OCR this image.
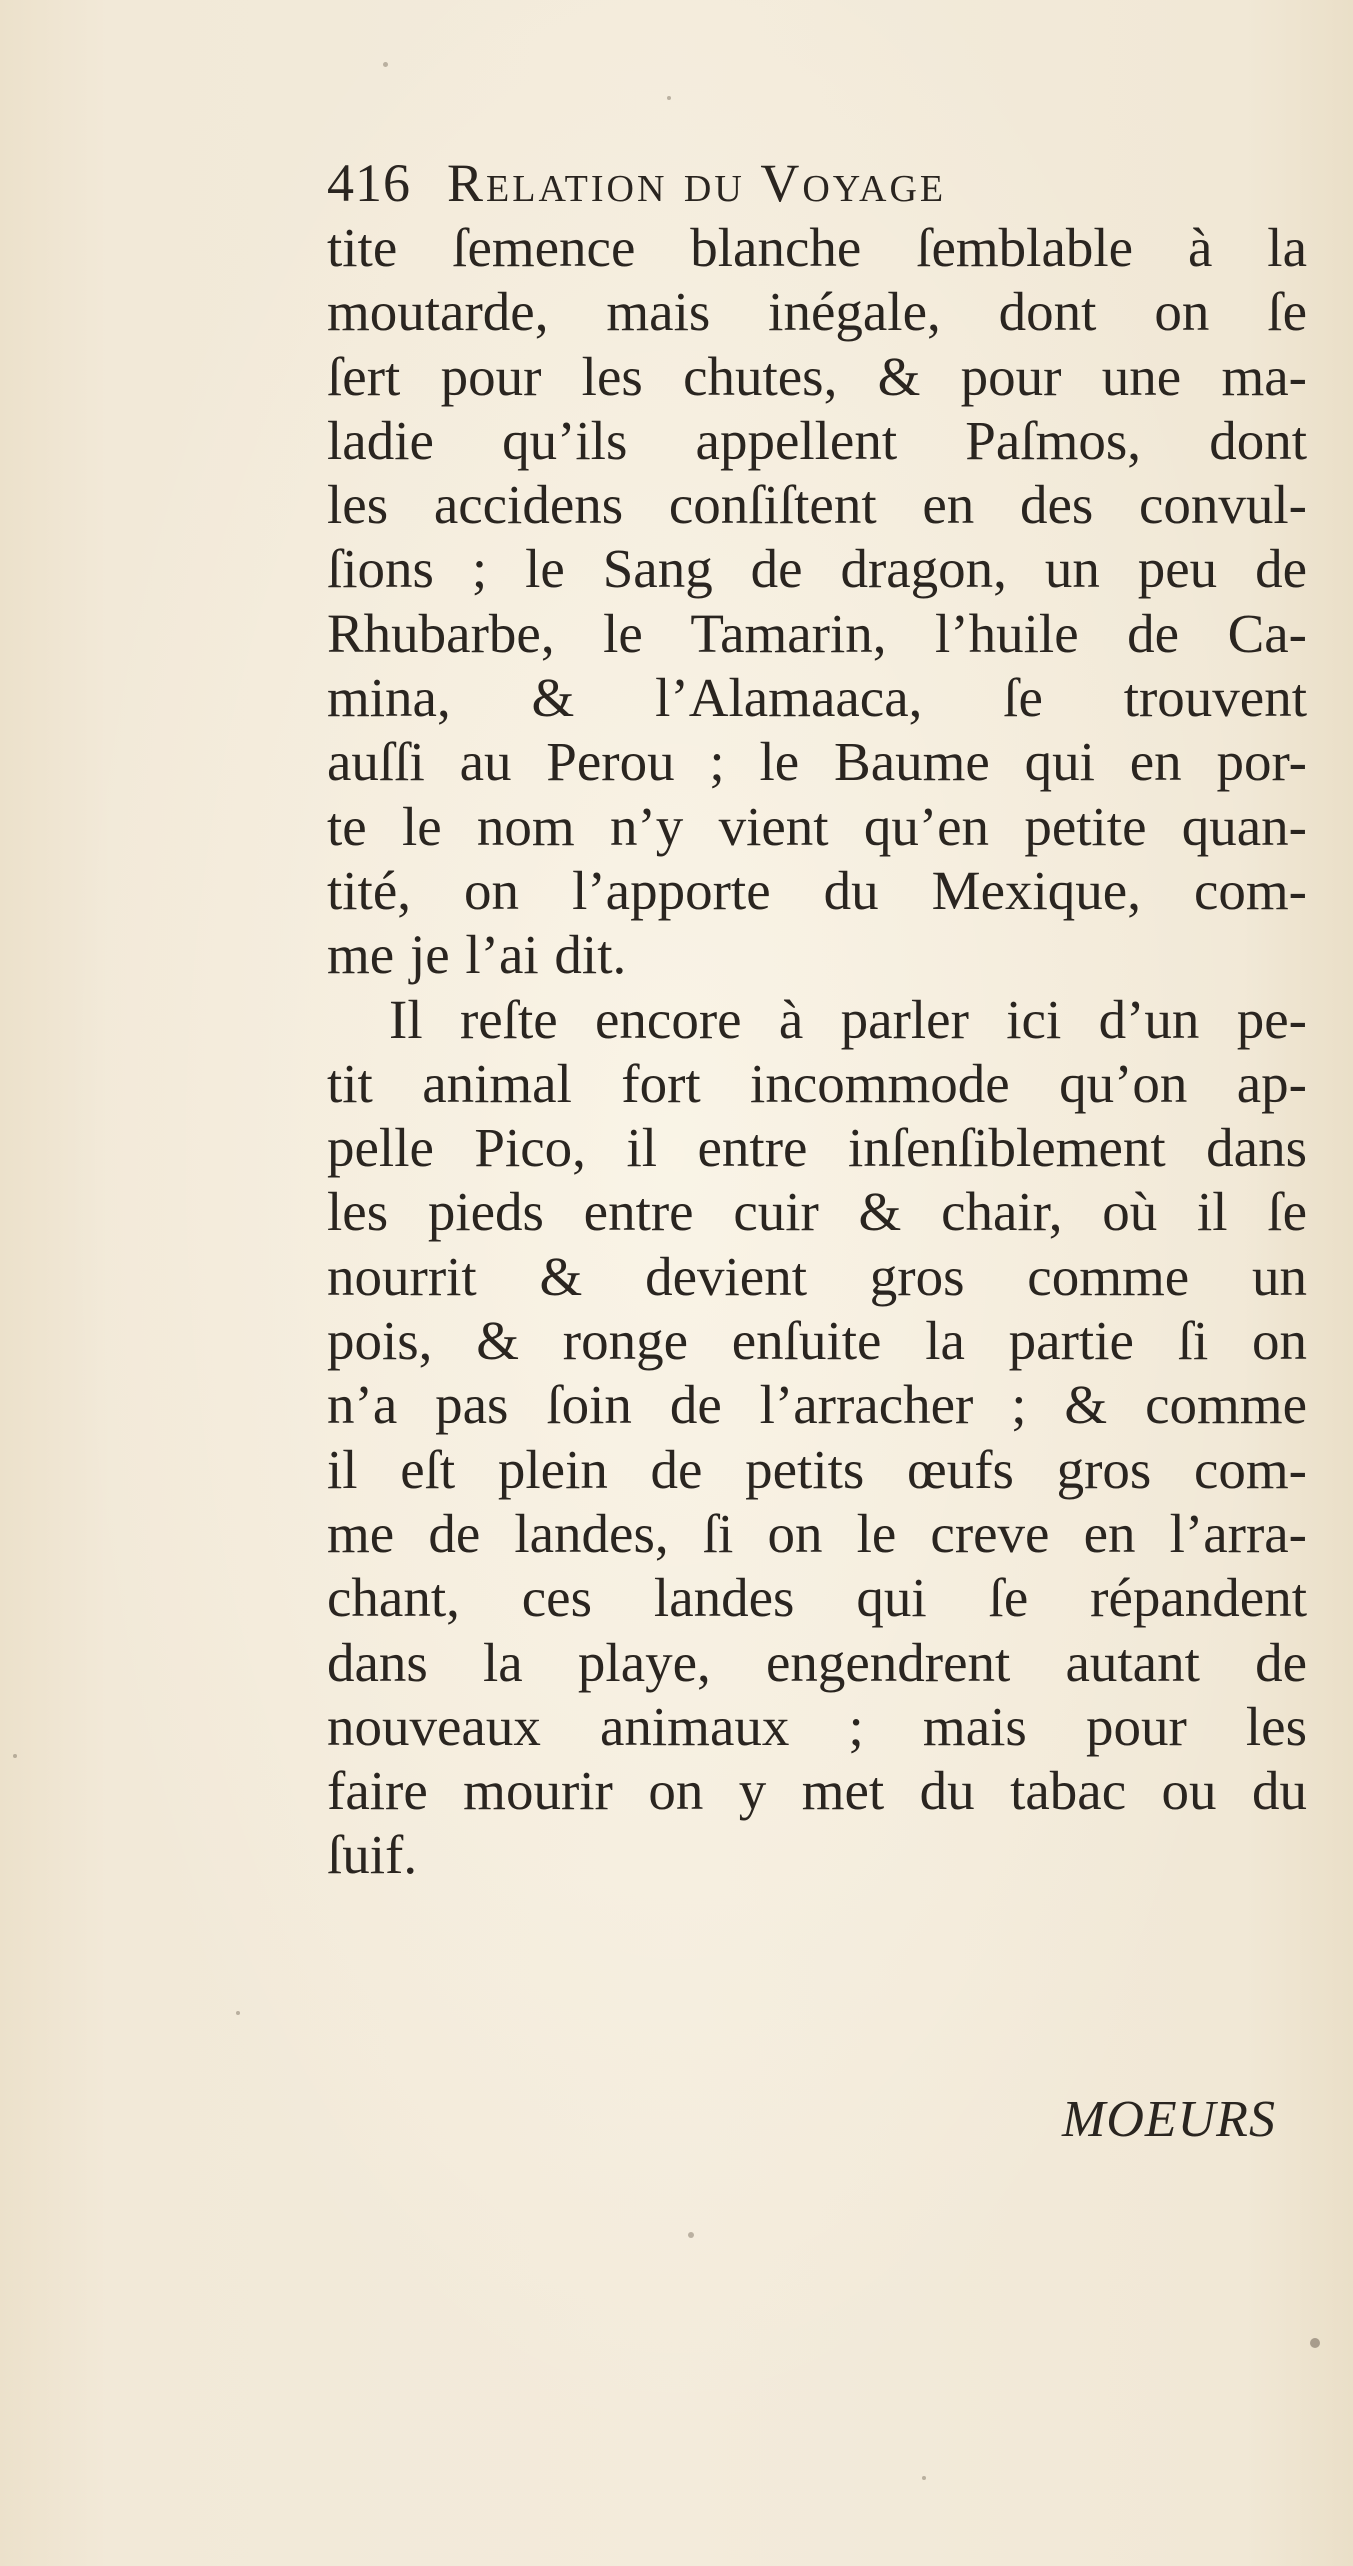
416 Relation du Voyage
tite ſemence blanche ſemblable à la
moutarde, mais inégale, dont on ſe
ſert pour les chutes, & pour une ma-
ladie qu’ils appellent Paſmos, dont
les accidens conſiſtent en des convul-
ſions ; le Sang de dragon, un peu de
Rhubarbe, le Tamarin, l’huile de Ca-
mina, & l’Alamaaca, ſe trouvent
auſſi au Perou ; le Baume qui en por-
te le nom n’y vient qu’en petite quan-
tité, on l’apporte du Mexique, com-
me je l’ai dit.
Il reſte encore à parler ici d’un pe-
tit animal fort incommode qu’on ap-
pelle Pico, il entre inſenſiblement dans
les pieds entre cuir & chair, où il ſe
nourrit & devient gros comme un
pois, & ronge enſuite la partie ſi on
n’a pas ſoin de l’arracher ; & comme
il eſt plein de petits œufs gros com-
me de landes, ſi on le creve en l’arra-
chant, ces landes qui ſe répandent
dans la playe, engendrent autant de
nouveaux animaux ; mais pour les
faire mourir on y met du tabac ou du
ſuif.
MOEURS
